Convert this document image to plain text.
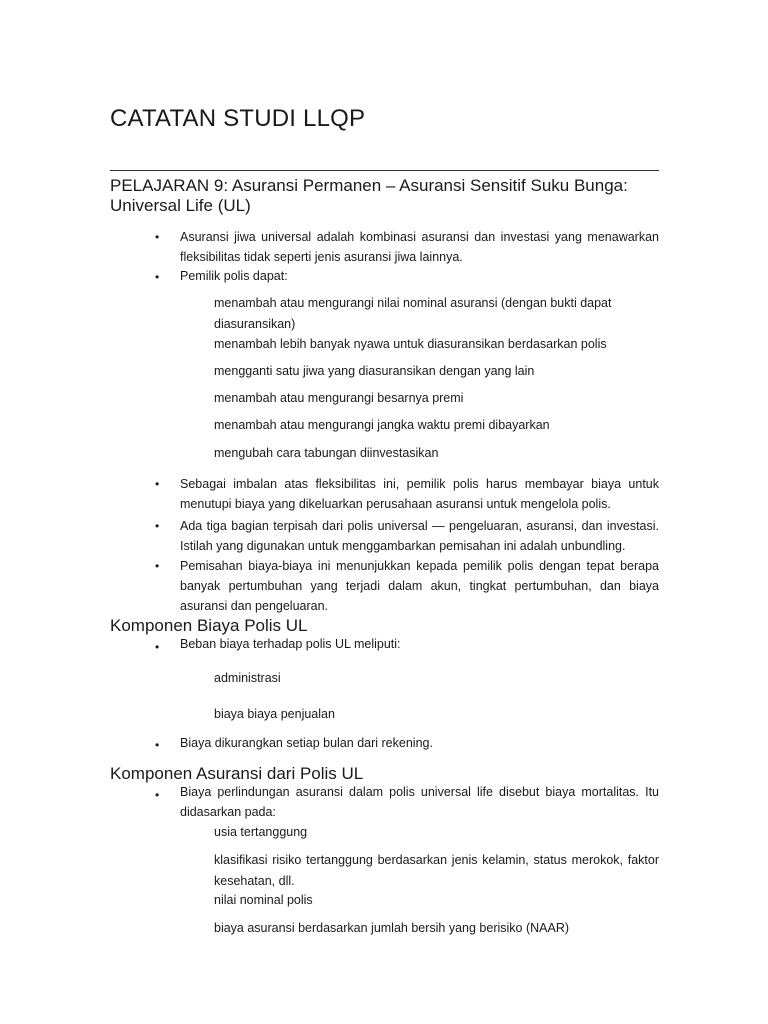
CATATAN STUDI LLQP
PELAJARAN 9: Asuransi Permanen – Asuransi Sensitif Suku Bunga:
Universal Life (UL)
• Asuransi jiwa universal adalah kombinasi asuransi dan investasi yang menawarkan
fleksibilitas tidak seperti jenis asuransi jiwa lainnya.
• Pemilik polis dapat:
menambah atau mengurangi nilai nominal asuransi (dengan bukti dapat
diasuransikan)
menambah lebih banyak nyawa untuk diasuransikan berdasarkan polis
mengganti satu jiwa yang diasuransikan dengan yang lain
menambah atau mengurangi besarnya premi
menambah atau mengurangi jangka waktu premi dibayarkan
mengubah cara tabungan diinvestasikan
• Sebagai imbalan atas fleksibilitas ini, pemilik polis harus membayar biaya untuk
menutupi biaya yang dikeluarkan perusahaan asuransi untuk mengelola polis.
• Ada tiga bagian terpisah dari polis universal — pengeluaran, asuransi, dan investasi.
Istilah yang digunakan untuk menggambarkan pemisahan ini adalah unbundling.
• Pemisahan biaya-biaya ini menunjukkan kepada pemilik polis dengan tepat berapa
banyak pertumbuhan yang terjadi dalam akun, tingkat pertumbuhan, dan biaya
asuransi dan pengeluaran.
Komponen Biaya Polis UL
• Beban biaya terhadap polis UL meliputi:
administrasi
biaya biaya penjualan
• Biaya dikurangkan setiap bulan dari rekening.
Komponen Asuransi dari Polis UL
• Biaya perlindungan asuransi dalam polis universal life disebut biaya mortalitas. Itu
didasarkan pada:
usia tertanggung
klasifikasi risiko tertanggung berdasarkan jenis kelamin, status merokok, faktor
kesehatan, dll.
nilai nominal polis
biaya asuransi berdasarkan jumlah bersih yang berisiko (NAAR)
